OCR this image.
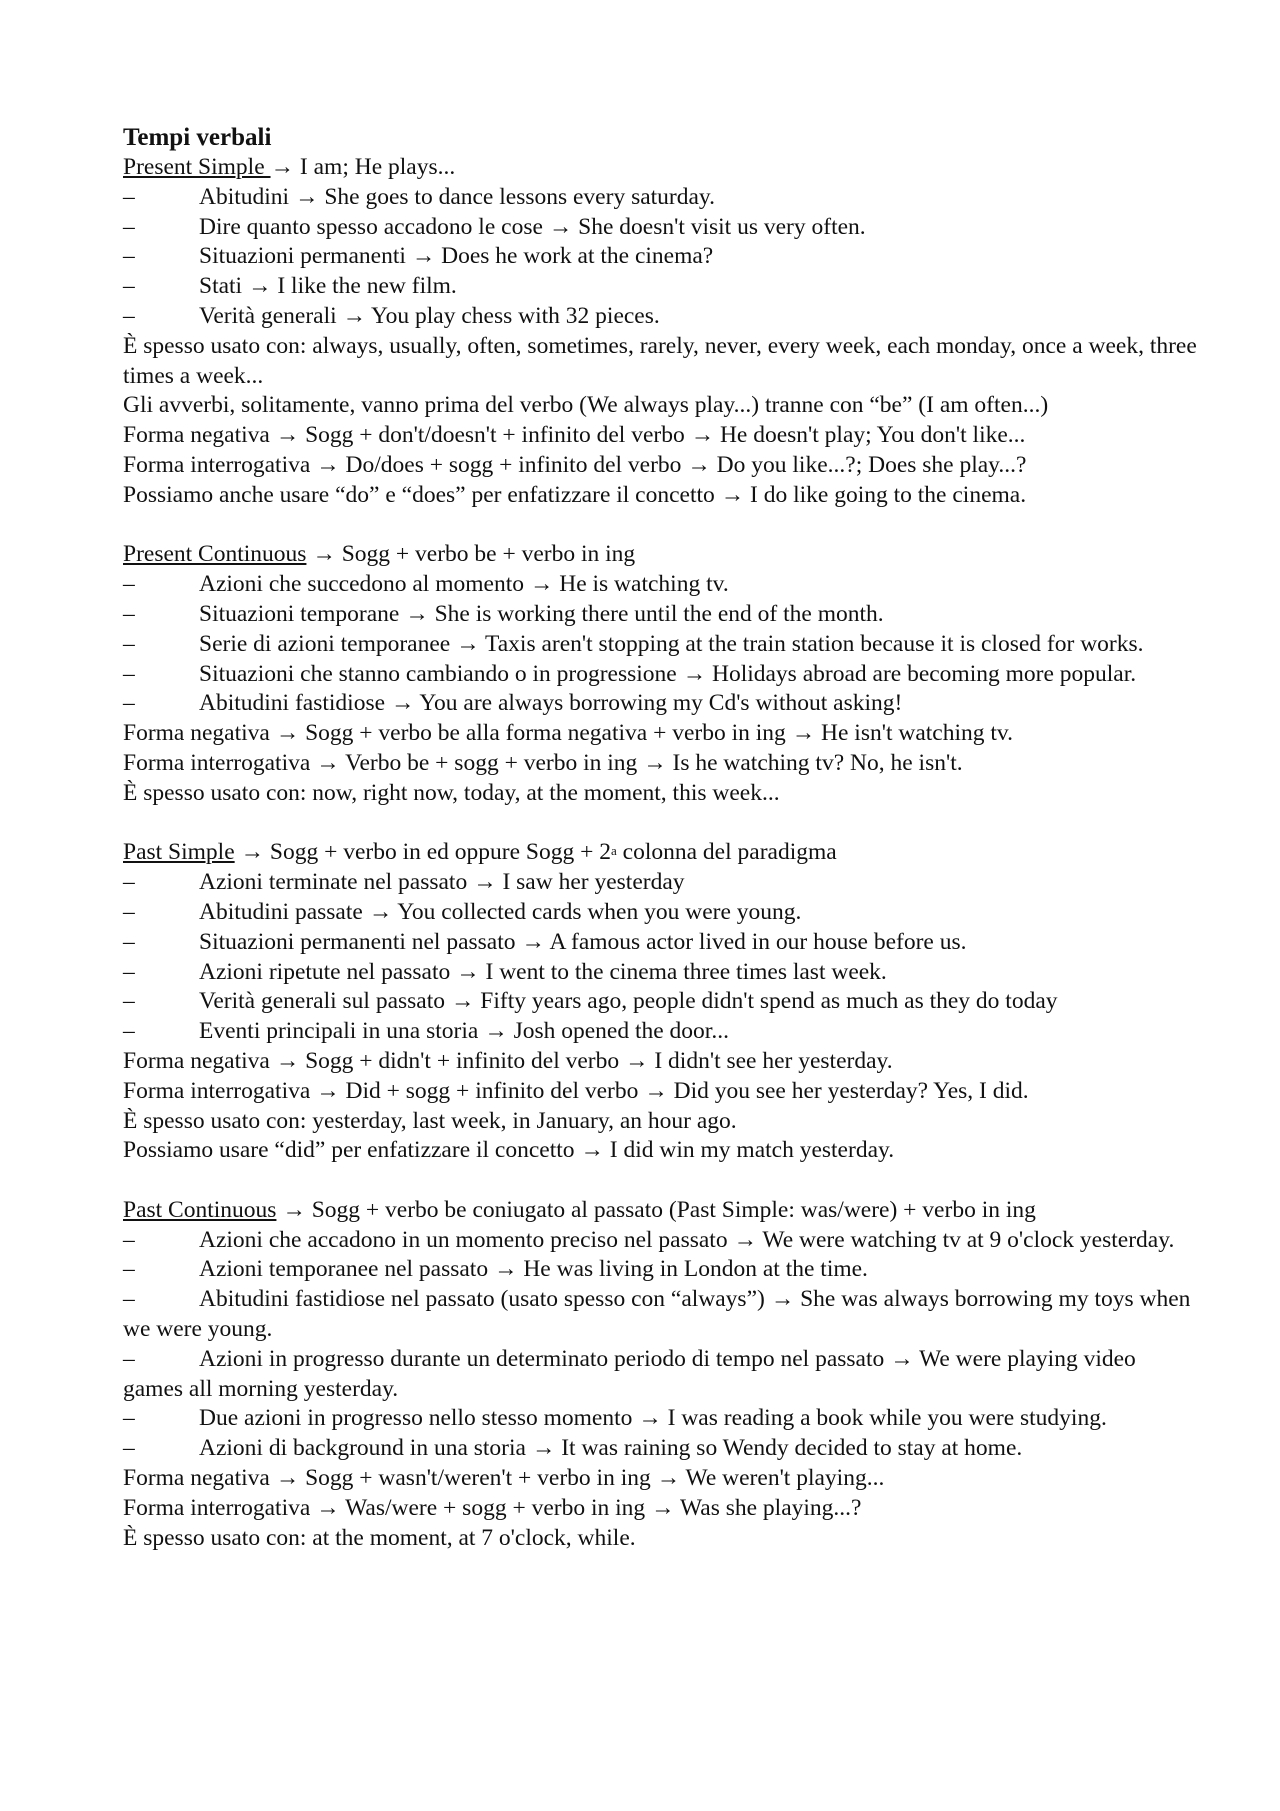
Tempi verbali

Present Simple → I am; He plays...

–	Abitudini → She goes to dance lessons every saturday.

–	Dire quanto spesso accadono le cose → She doesn't visit us very often.

–	Situazioni permanenti → Does he work at the cinema?

–	Stati → I like the new film.

–	Verità generali → You play chess with 32 pieces.

È spesso usato con: always, usually, often, sometimes, rarely, never, every week, each monday, once a week, three times a week...

Gli avverbi, solitamente, vanno prima del verbo (We always play...) tranne con “be” (I am often...)

Forma negativa → Sogg + don't/doesn't + infinito del verbo → He doesn't play; You don't like...

Forma interrogativa → Do/does + sogg + infinito del verbo → Do you like...?; Does she play...?

Possiamo anche usare “do” e “does” per enfatizzare il concetto → I do like going to the cinema.

Present Continuous → Sogg + verbo be + verbo in ing

–	Azioni che succedono al momento → He is watching tv.

–	Situazioni temporane → She is working there until the end of the month.

–	Serie di azioni temporanee → Taxis aren't stopping at the train station because it is closed for works.

–	Situazioni che stanno cambiando o in progressione → Holidays abroad are becoming more popular.

–	Abitudini fastidiose → You are always borrowing my Cd's without asking!

Forma negativa → Sogg + verbo be alla forma negativa + verbo in ing → He isn't watching tv.

Forma interrogativa → Verbo be + sogg + verbo in ing → Is he watching tv? No, he isn't.

È spesso usato con: now, right now, today, at the moment, this week...

Past Simple → Sogg + verbo in ed oppure Sogg + $2^a$ colonna del paradigma

–	Azioni terminate nel passato → I saw her yesterday

–	Abitudini passate → You collected cards when you were young.

–	Situazioni permanenti nel passato → A famous actor lived in our house before us.

–	Azioni ripetute nel passato → I went to the cinema three times last week.

–	Verità generali sul passato → Fifty years ago, people didn't spend as much as they do today

–	Eventi principali in una storia → Josh opened the door...

Forma negativa → Sogg + didn't + infinito del verbo → I didn't see her yesterday.

Forma interrogativa → Did + sogg + infinito del verbo → Did you see her yesterday? Yes, I did.

È spesso usato con: yesterday, last week, in January, an hour ago.

Possiamo usare “did” per enfatizzare il concetto → I did win my match yesterday.

Past Continuous → Sogg + verbo be coniugato al passato (Past Simple: was/were) + verbo in ing

–	Azioni che accadono in un momento preciso nel passato → We were watching tv at 9 o'clock yesterday.

–	Azioni temporanee nel passato → He was living in London at the time.

–	Abitudini fastidiose nel passato (usato spesso con “always”) → She was always borrowing my toys when we were young.

–	Azioni in progresso durante un determinato periodo di tempo nel passato → We were playing video games all morning yesterday.

–	Due azioni in progresso nello stesso momento → I was reading a book while you were studying.

–	Azioni di background in una storia → It was raining so Wendy decided to stay at home.

Forma negativa → Sogg + wasn't/weren't + verbo in ing → We weren't playing...

Forma interrogativa → Was/were + sogg + verbo in ing → Was she playing...?

È spesso usato con: at the moment, at 7 o'clock, while.
